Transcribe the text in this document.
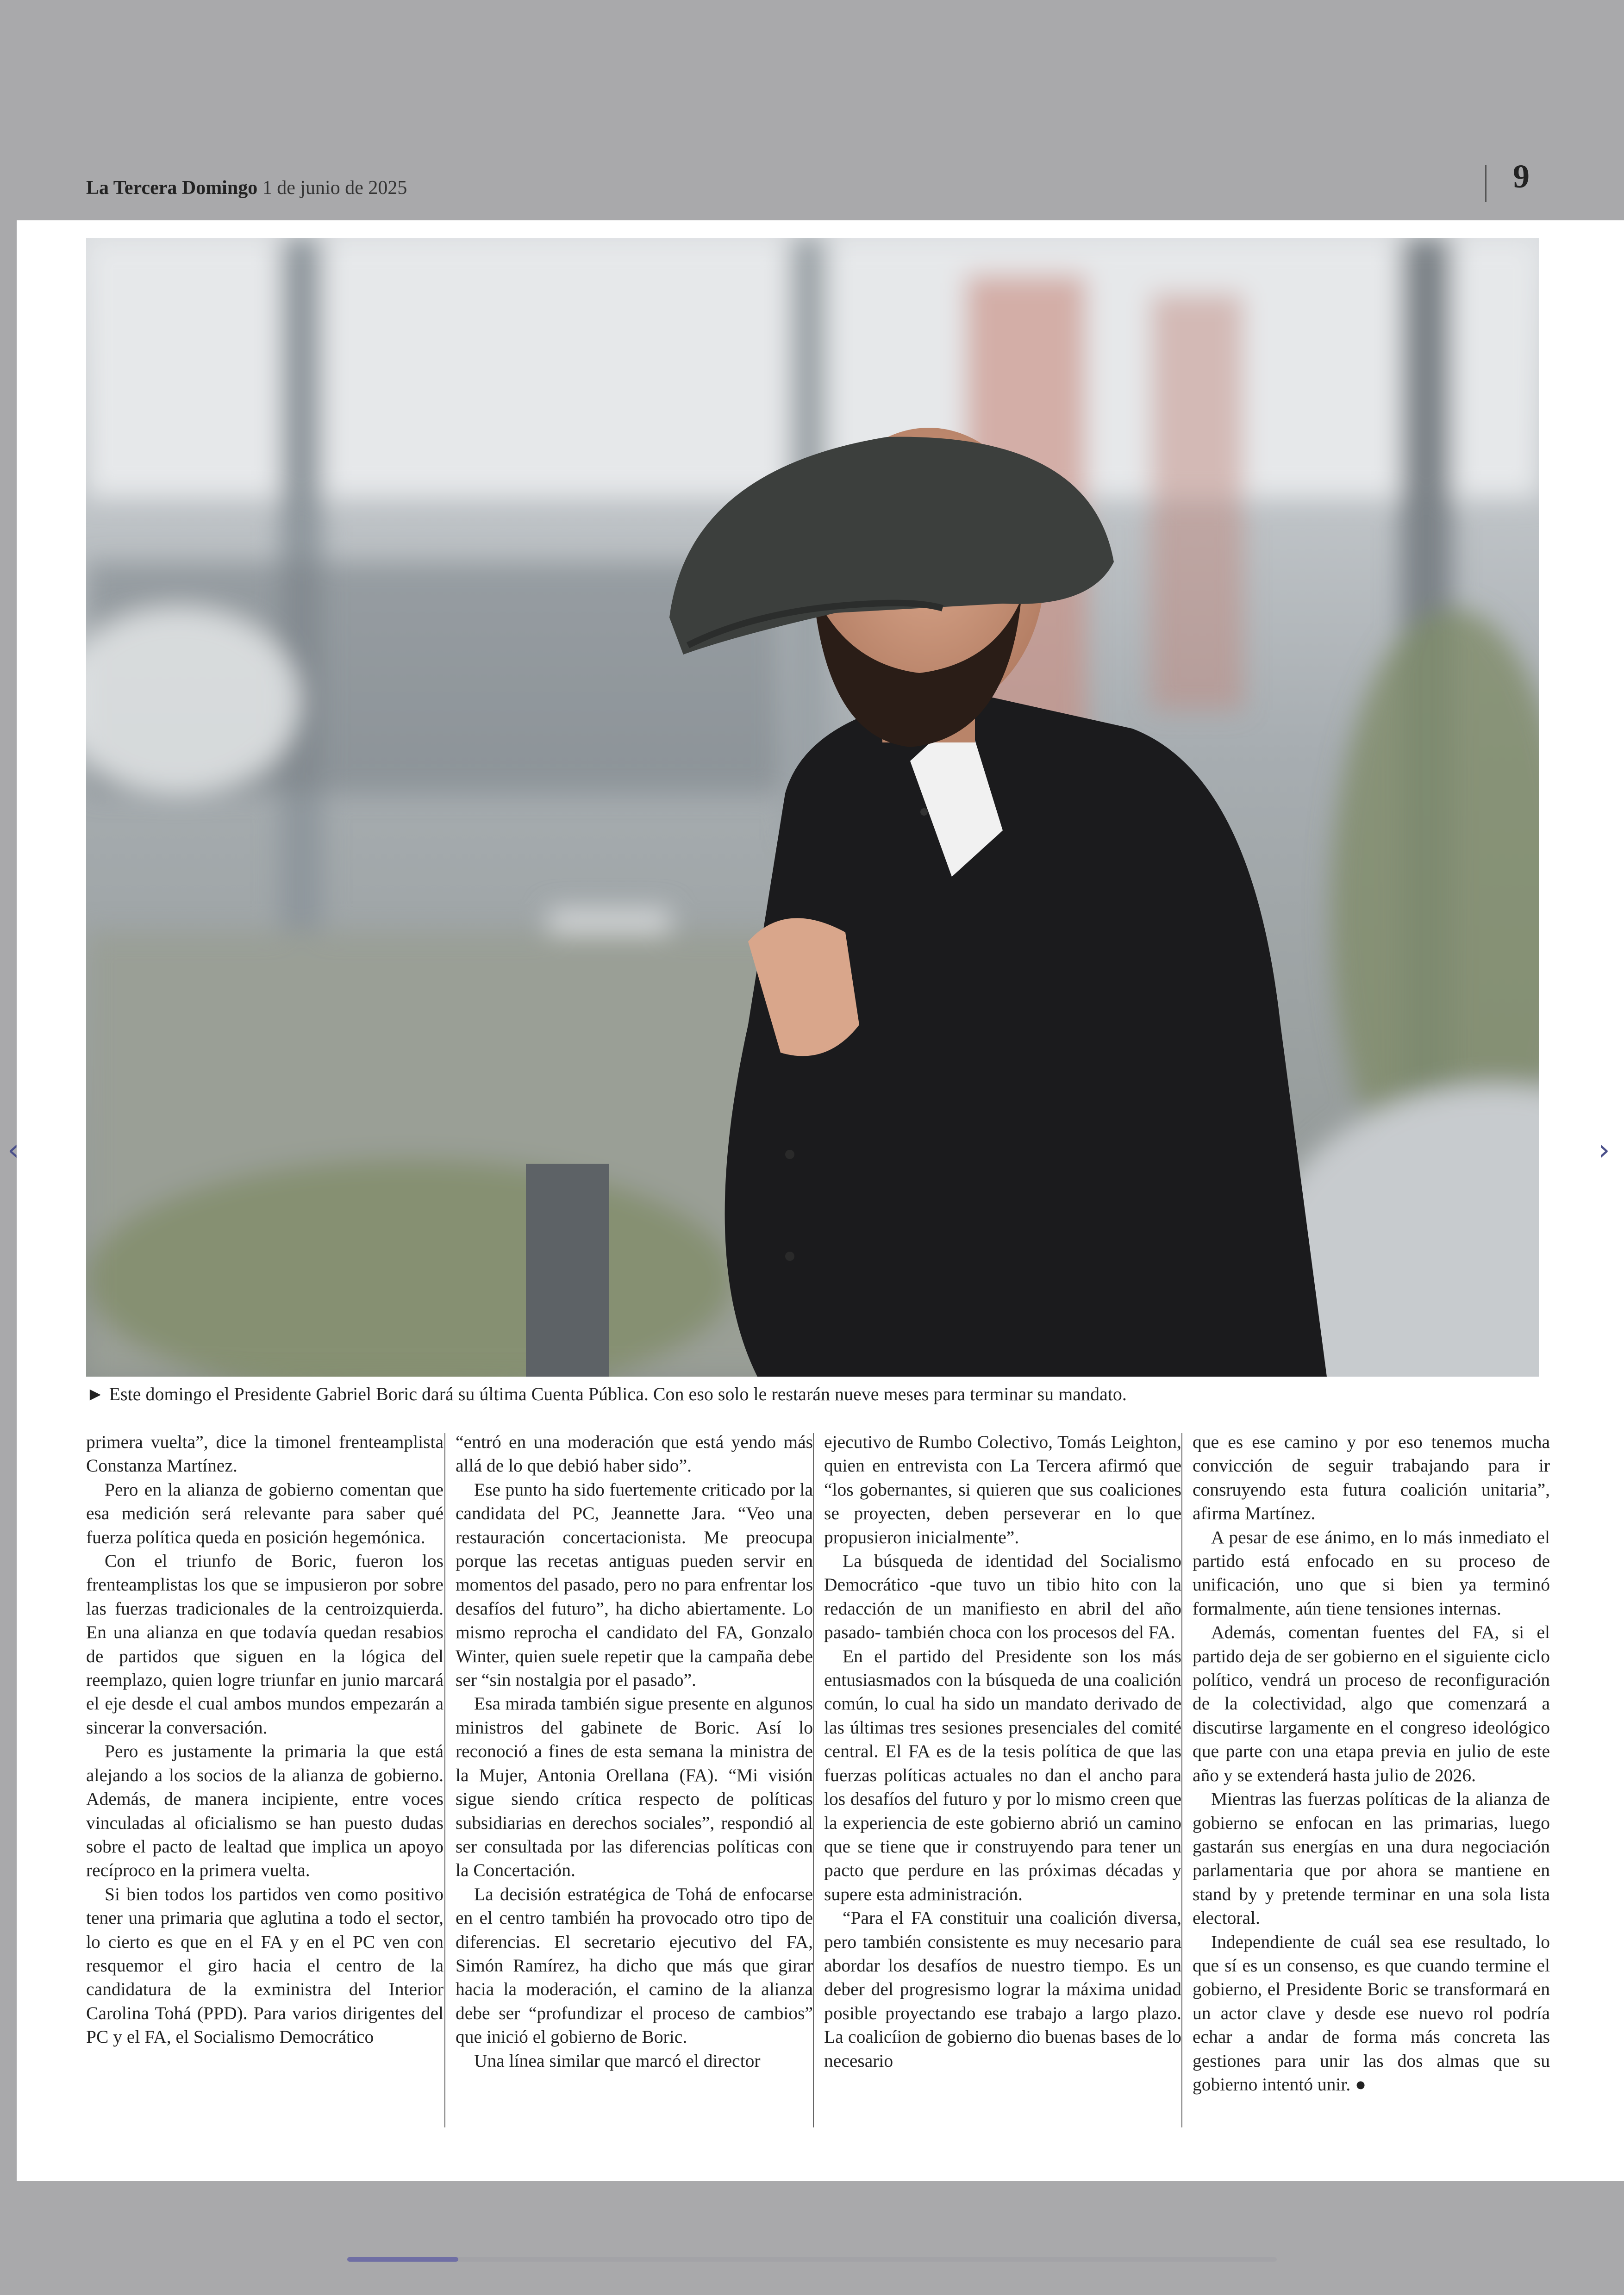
La Tercera Domingo 1 de junio de 2025	9
► Este domingo el Presidente Gabriel Boric dará su última Cuenta Pública. Con eso solo le restarán nueve meses para terminar su mandato.

primera vuelta”, dice la timonel frenteamplista Constanza Martínez.

Pero en la alianza de gobierno comentan que esa medición será relevante para saber qué fuerza política queda en posición hegemónica.

Con el triunfo de Boric, fueron los frenteamplistas los que se impusieron por sobre las fuerzas tradicionales de la centroizquierda. En una alianza en que todavía quedan resabios de partidos que siguen en la lógica del reemplazo, quien logre triunfar en junio marcará el eje desde el cual ambos mundos empezarán a sincerar la conversación.

Pero es justamente la primaria la que está alejando a los socios de la alianza de gobierno. Además, de manera incipiente, entre voces vinculadas al oficialismo se han puesto dudas sobre el pacto de lealtad que implica un apoyo recíproco en la primera vuelta.

Si bien todos los partidos ven como positivo tener una primaria que aglutina a todo el sector, lo cierto es que en el FA y en el PC ven con resquemor el giro hacia el centro de la candidatura de la exministra del Interior Carolina Tohá (PPD). Para varios dirigentes del PC y el FA, el Socialismo Democrático

“entró en una moderación que está yendo más allá de lo que debió haber sido”.

Ese punto ha sido fuertemente criticado por la candidata del PC, Jeannette Jara. “Veo una restauración concertacionista. Me preocupa porque las recetas antiguas pueden servir en momentos del pasado, pero no para enfrentar los desafíos del futuro”, ha dicho abiertamente. Lo mismo reprocha el candidato del FA, Gonzalo Winter, quien suele repetir que la campaña debe ser “sin nostalgia por el pasado”.

Esa mirada también sigue presente en algunos ministros del gabinete de Boric. Así lo reconoció a fines de esta semana la ministra de la Mujer, Antonia Orellana (FA). “Mi visión sigue siendo crítica respecto de políticas subsidiarias en derechos sociales”, respondió al ser consultada por las diferencias políticas con la Concertación.

La decisión estratégica de Tohá de enfocarse en el centro también ha provocado otro tipo de diferencias. El secretario ejecutivo del FA, Simón Ramírez, ha dicho que más que girar hacia la moderación, el camino de la alianza debe ser “profundizar el proceso de cambios” que inició el gobierno de Boric.

Una línea similar que marcó el director

ejecutivo de Rumbo Colectivo, Tomás Leighton, quien en entrevista con La Tercera afirmó que “los gobernantes, si quieren que sus coaliciones se proyecten, deben perseverar en lo que propusieron inicialmente”.

La búsqueda de identidad del Socialismo Democrático -que tuvo un tibio hito con la redacción de un manifiesto en abril del año pasado- también choca con los procesos del FA.

En el partido del Presidente son los más entusiasmados con la búsqueda de una coalición común, lo cual ha sido un mandato derivado de las últimas tres sesiones presenciales del comité central. El FA es de la tesis política de que las fuerzas políticas actuales no dan el ancho para los desafíos del futuro y por lo mismo creen que la experiencia de este gobierno abrió un camino que se tiene que ir construyendo para tener un pacto que perdure en las próximas décadas y supere esta administración.

“Para el FA constituir una coalición diversa, pero también consistente es muy necesario para abordar los desafíos de nuestro tiempo. Es un deber del progresismo lograr la máxima unidad posible proyectando ese trabajo a largo plazo. La coalicíion de gobierno dio buenas bases de lo necesario

que es ese camino y por eso tenemos mucha convicción de seguir trabajando para ir consruyendo esta futura coalición unitaria”, afirma Martínez.

A pesar de ese ánimo, en lo más inmediato el partido está enfocado en su proceso de unificación, uno que si bien ya terminó formalmente, aún tiene tensiones internas.

Además, comentan fuentes del FA, si el partido deja de ser gobierno en el siguiente ciclo político, vendrá un proceso de reconfiguración de la colectividad, algo que comenzará a discutirse largamente en el congreso ideológico que parte con una etapa previa en julio de este año y se extenderá hasta julio de 2026.

Mientras las fuerzas políticas de la alianza de gobierno se enfocan en las primarias, luego gastarán sus energías en una dura negociación parlamentaria que por ahora se mantiene en stand by y pretende terminar en una sola lista electoral.

Independiente de cuál sea ese resultado, lo que sí es un consenso, es que cuando termine el gobierno, el Presidente Boric se transformará en un actor clave y desde ese nuevo rol podría echar a andar de forma más concreta las gestiones para unir las dos almas que su gobierno intentó unir. ●

‹	›
